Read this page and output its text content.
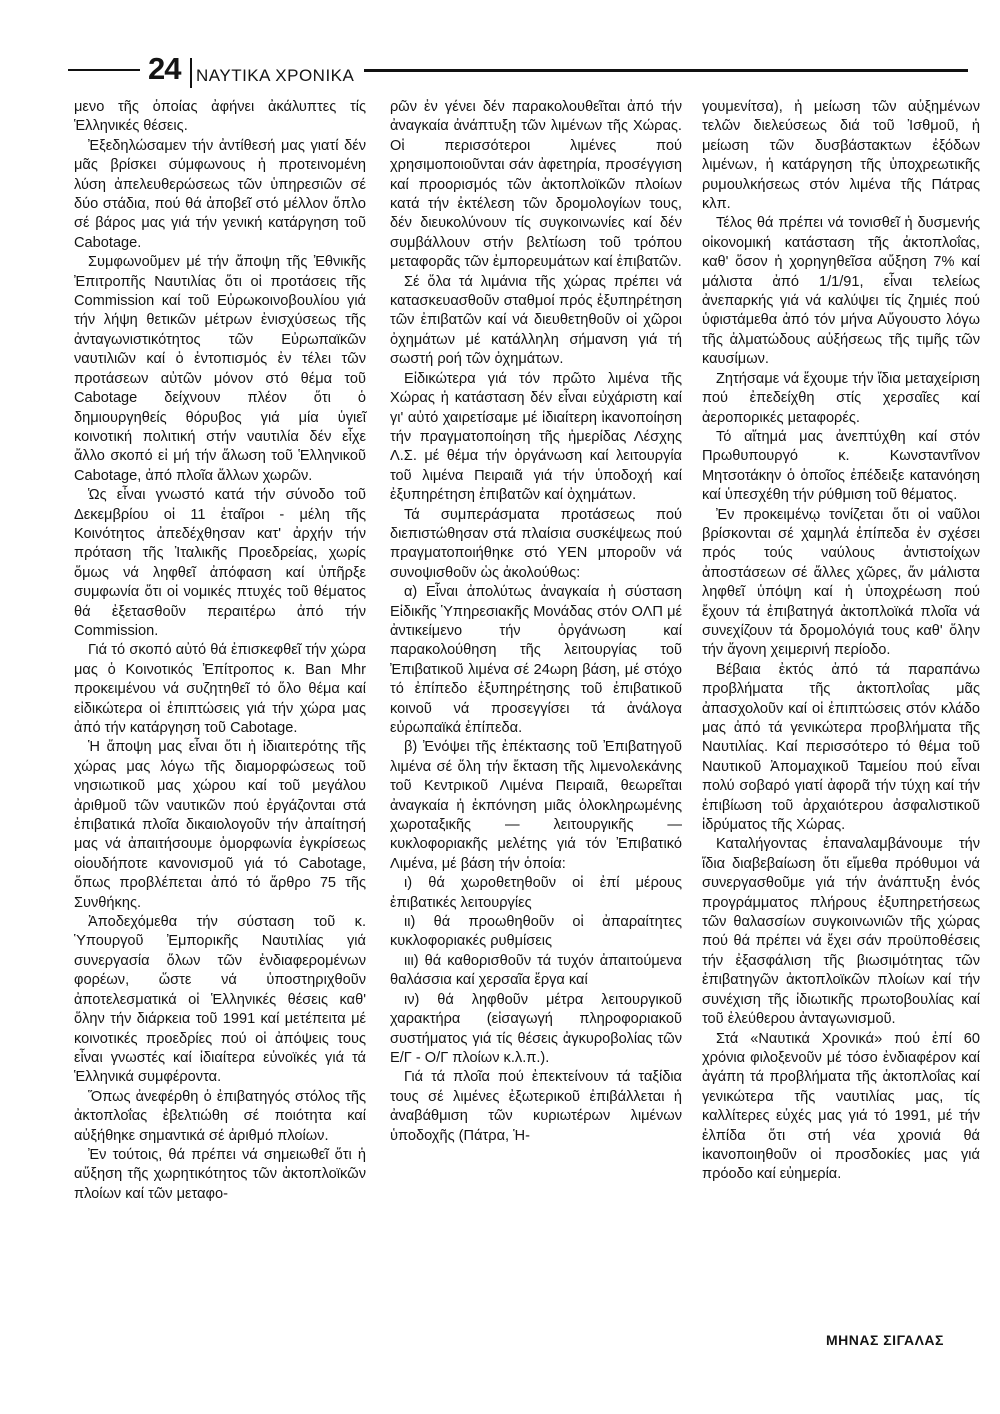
24 ΝΑΥΤΙΚΑ ΧΡΟΝΙΚΑ

μενο τῆς ὁποίας ἀφήνει ἀκάλυπτες τίς Ἑλληνικές θέσεις.

Ἐξεδηλώσαμεν τήν ἀντίθεσή μας γιατί δέν μᾶς βρίσκει σύμφωνους ἡ προτεινομένη λύση ἀπελευθερώσεως τῶν ὑπηρεσιῶν σέ δύο στάδια, πού θά ἀποβεῖ στό μέλλον ὅπλο σέ βάρος μας γιά τήν γενική κατάργηση τοῦ Cabotage.

Συμφωνοῦμεν μέ τήν ἄποψη τῆς Ἐθνικῆς Ἐπιτροπῆς Ναυτιλίας ὅτι οἱ προτάσεις τῆς Commission καί τοῦ Εὐρωκοινοβουλίου γιά τήν λήψη θετικῶν μέτρων ἐνισχύσεως τῆς ἀνταγωνιστικότητος τῶν Εὐρωπαϊκῶν ναυτιλιῶν καί ὁ ἐντοπισμός ἐν τέλει τῶν προτάσεων αὐτῶν μόνον στό θέμα τοῦ Cabotage δείχνουν πλέον ὅτι ὁ δημιουργηθείς θόρυβος γιά μία ὑγιεῖ κοινοτική πολιτική στήν ναυτιλία δέν εἶχε ἄλλο σκοπό εἰ μή τήν ἅλωση τοῦ Ἑλληνικοῦ Cabotage, ἀπό πλοῖα ἄλλων χωρῶν.

Ὡς εἶναι γνωστό κατά τήν σύνοδο τοῦ Δεκεμβρίου οἱ 11 ἑταῖροι - μέλη τῆς Κοινότητος ἀπεδέχθησαν κατ' ἀρχήν τήν πρόταση τῆς Ἰταλικῆς Προεδρείας, χωρίς ὅμως νά ληφθεῖ ἀπόφαση καί ὑπῆρξε συμφωνία ὅτι οἱ νομικές πτυχές τοῦ θέματος θά ἐξετασθοῦν περαιτέρω ἀπό τήν Commission.

Γιά τό σκοπό αὐτό θά ἐπισκεφθεῖ τήν χώρα μας ὁ Κοινοτικός Ἐπίτροπος κ. Ban Mhr προκειμένου νά συζητηθεῖ τό ὅλο θέμα καί εἰδικώτερα οἱ ἐπιπτώσεις γιά τήν χώρα μας ἀπό τήν κατάργηση τοῦ Cabotage.

Ἡ ἄποψη μας εἶναι ὅτι ἡ ἰδιαιτερότης τῆς χώρας μας λόγω τῆς διαμορφώσεως τοῦ νησιωτικοῦ μας χώρου καί τοῦ μεγάλου ἀριθμοῦ τῶν ναυτικῶν πού ἐργάζονται στά ἐπιβατικά πλοῖα δικαιολογοῦν τήν ἀπαίτησή μας νά ἀπαιτήσουμε ὁμορφωνία ἐγκρίσεως οἱουδήποτε κανονισμοῦ γιά τό Cabotage, ὅπως προβλέπεται ἀπό τό ἄρθρο 75 τῆς Συνθήκης.

Ἀποδεχόμεθα τήν σύσταση τοῦ κ. Ὑπουργοῦ Ἐμπορικῆς Ναυτιλίας γιά συνεργασία ὅλων τῶν ἐνδιαφερομένων φορέων, ὥστε νά ὑποστηριχθοῦν ἀποτελεσματικά οἱ Ἑλληνικές θέσεις καθ' ὅλην τήν διάρκεια τοῦ 1991 καί μετέπειτα μέ κοινοτικές προεδρίες πού οἱ ἀπόψεις τους εἶναι γνωστές καί ἰδιαίτερα εὐνοϊκές γιά τά Ἑλληνικά συμφέροντα.

Ὅπως ἀνεφέρθη ὁ ἐπιβατηγός στόλος τῆς ἀκτοπλοΐας ἐβελτιώθη σέ ποιότητα καί αὐξήθηκε σημαντικά σέ ἀριθμό πλοίων.

Ἐν τούτοις, θά πρέπει νά σημειωθεῖ ὅτι ἡ αὔξηση τῆς χωρητικότητος τῶν ἀκτοπλοϊκῶν πλοίων καί τῶν μεταφο-

ρῶν ἐν γένει δέν παρακολουθεῖται ἀπό τήν ἀναγκαία ἀνάπτυξη τῶν λιμένων τῆς Χώρας. Οἱ περισσότεροι λιμένες πού χρησιμοποιοῦνται σάν ἀφετηρία, προσέγγιση καί προορισμός τῶν ἀκτοπλοϊκῶν πλοίων κατά τήν ἐκτέλεση τῶν δρομολογίων τους, δέν διευκολύνουν τίς συγκοινωνίες καί δέν συμβάλλουν στήν βελτίωση τοῦ τρόπου μεταφορᾶς τῶν ἐμπορευμάτων καί ἐπιβατῶν.

Σέ ὅλα τά λιμάνια τῆς χώρας πρέπει νά κατασκευασθοῦν σταθμοί πρός ἐξυπηρέτηση τῶν ἐπιβατῶν καί νά διευθετηθοῦν οἱ χῶροι ὀχημάτων μέ κατάλληλη σήμανση γιά τή σωστή ροή τῶν ὀχημάτων.

Εἰδικώτερα γιά τόν πρῶτο λιμένα τῆς Χώρας ἡ κατάσταση δέν εἶναι εὐχάριστη καί γι' αὐτό χαιρετίσαμε μέ ἰδιαίτερη ἱκανοποίηση τήν πραγματοποίηση τῆς ἡμερίδας Λέσχης Λ.Σ. μέ θέμα τήν ὀργάνωση καί λειτουργία τοῦ λιμένα Πειραιᾶ γιά τήν ὑποδοχή καί ἐξυπηρέτηση ἐπιβατῶν καί ὀχημάτων.

Τά συμπεράσματα προτάσεως πού διεπιστώθησαν στά πλαίσια συσκέψεως πού πραγματοποιήθηκε στό ΥΕΝ μποροῦν νά συνοψισθοῦν ὡς ἀκολούθως:

α) Εἶναι ἀπολύτως ἀναγκαία ἡ σύσταση Εἰδικῆς Ὑπηρεσιακῆς Μονάδας στόν ΟΛΠ μέ ἀντικείμενο τήν ὀργάνωση καί παρακολούθηση τῆς λειτουργίας τοῦ Ἐπιβατικοῦ λιμένα σέ 24ωρη βάση, μέ στόχο τό ἐπίπεδο ἐξυπηρέτησης τοῦ ἐπιβατικοῦ κοινοῦ νά προσεγγίσει τά ἀνάλογα εὐρωπαϊκά ἐπίπεδα.

β) Ἐνόψει τῆς ἐπέκτασης τοῦ Ἐπιβατηγοῦ λιμένα σέ ὅλη τήν ἔκταση τῆς λιμενολεκάνης τοῦ Κεντρικοῦ Λιμένα Πειραιᾶ, θεωρεῖται ἀναγκαία ἡ ἐκπόνηση μιᾶς ὁλοκληρωμένης χωροταξικῆς — λειτουργικῆς — κυκλοφοριακῆς μελέτης γιά τόν Ἐπιβατικό Λιμένα, μέ βάση τήν ὁποία:

ι) θά χωροθετηθοῦν οἱ ἐπί μέρους ἐπιβατικές λειτουργίες

ιι) θά προωθηθοῦν οἱ ἀπαραίτητες κυκλοφοριακές ρυθμίσεις

ιιι) θά καθορισθοῦν τά τυχόν ἀπαιτούμενα θαλάσσια καί χερσαῖα ἔργα καί

ιν) θά ληφθοῦν μέτρα λειτουργικοῦ χαρακτήρα (εἰσαγωγή πληροφοριακοῦ συστήματος γιά τίς θέσεις ἀγκυροβολίας τῶν Ε/Γ - Ο/Γ πλοίων κ.λ.π.).

Γιά τά πλοῖα πού ἐπεκτείνουν τά ταξίδια τους σέ λιμένες ἐξωτερικοῦ ἐπιβάλλεται ἡ ἀναβάθμιση τῶν κυριωτέρων λιμένων ὑποδοχῆς (Πάτρα, Ἡ-

γουμενίτσα), ἡ μείωση τῶν αὐξημένων τελῶν διελεύσεως διά τοῦ Ἰσθμοῦ, ἡ μείωση τῶν δυσβάστακτων ἐξόδων λιμένων, ἡ κατάργηση τῆς ὑποχρεωτικῆς ρυμουλκήσεως στόν λιμένα τῆς Πάτρας κλπ.

Τέλος θά πρέπει νά τονισθεῖ ἡ δυσμενής οἰκονομική κατάσταση τῆς ἀκτοπλοΐας, καθ' ὅσον ἡ χορηγηθεῖσα αὔξηση 7% καί μάλιστα ἀπό 1/1/91, εἶναι τελείως ἀνεπαρκής γιά νά καλύψει τίς ζημιές πού ὑφιστάμεθα ἀπό τόν μήνα Αὔγουστο λόγω τῆς ἀλματώδους αὐξήσεως τῆς τιμῆς τῶν καυσίμων.

Ζητήσαμε νά ἔχουμε τήν ἴδια μεταχείριση πού ἐπεδείχθη στίς χερσαῖες καί ἀεροπορικές μεταφορές.

Τό αἴτημά μας ἀνεπτύχθη καί στόν Πρωθυπουργό κ. Κωνσταντῖνον Μητσοτάκην ὁ ὁποῖος ἐπέδειξε κατανόηση καί ὑπεσχέθη τήν ρύθμιση τοῦ θέματος.

Ἐν προκειμένῳ τονίζεται ὅτι οἱ ναῦλοι βρίσκονται σέ χαμηλά ἐπίπεδα ἐν σχέσει πρός τούς ναύλους ἀντιστοίχων ἀποστάσεων σέ ἄλλες χῶρες, ἄν μάλιστα ληφθεῖ ὑπόψη καί ἡ ὑποχρέωση πού ἔχουν τά ἐπιβατηγά ἀκτοπλοϊκά πλοῖα νά συνεχίζουν τά δρομολόγιά τους καθ' ὅλην τήν ἄγονη χειμερινή περίοδο.

Βέβαια ἐκτός ἀπό τά παραπάνω προβλήματα τῆς ἀκτοπλοΐας μᾶς ἀπασχολοῦν καί οἱ ἐπιπτώσεις στόν κλάδο μας ἀπό τά γενικώτερα προβλήματα τῆς Ναυτιλίας. Καί περισσότερο τό θέμα τοῦ Ναυτικοῦ Ἀπομαχικοῦ Ταμείου πού εἶναι πολύ σοβαρό γιατί ἀφορᾶ τήν τύχη καί τήν ἐπιβίωση τοῦ ἀρχαιότερου ἀσφαλιστικοῦ ἱδρύματος τῆς Χώρας.

Καταλήγοντας ἐπαναλαμβάνουμε τήν ἴδια διαβεβαίωση ὅτι εἴμεθα πρόθυμοι νά συνεργασθοῦμε γιά τήν ἀνάπτυξη ἑνός προγράμματος πλήρους ἐξυπηρετήσεως τῶν θαλασσίων συγκοινωνιῶν τῆς χώρας πού θά πρέπει νά ἔχει σάν προϋποθέσεις τήν ἐξασφάλιση τῆς βιωσιμότητας τῶν ἐπιβατηγῶν ἀκτοπλοϊκῶν πλοίων καί τήν συνέχιση τῆς ἰδιωτικῆς πρωτοβουλίας καί τοῦ ἐλεύθερου ἀνταγωνισμοῦ.

Στά «Ναυτικά Χρονικά» πού ἐπί 60 χρόνια φιλοξενοῦν μέ τόσο ἐνδιαφέρον καί ἀγάπη τά προβλήματα τῆς ἀκτοπλοΐας καί γενικώτερα τῆς ναυτιλίας μας, τίς καλλίτερες εὐχές μας γιά τό 1991, μέ τήν ἐλπίδα ὅτι στή νέα χρονιά θά ἱκανοποιηθοῦν οἱ προσδοκίες μας γιά πρόοδο καί εὐημερία.

ΜΗΝΑΣ ΣΙΓΑΛΑΣ
